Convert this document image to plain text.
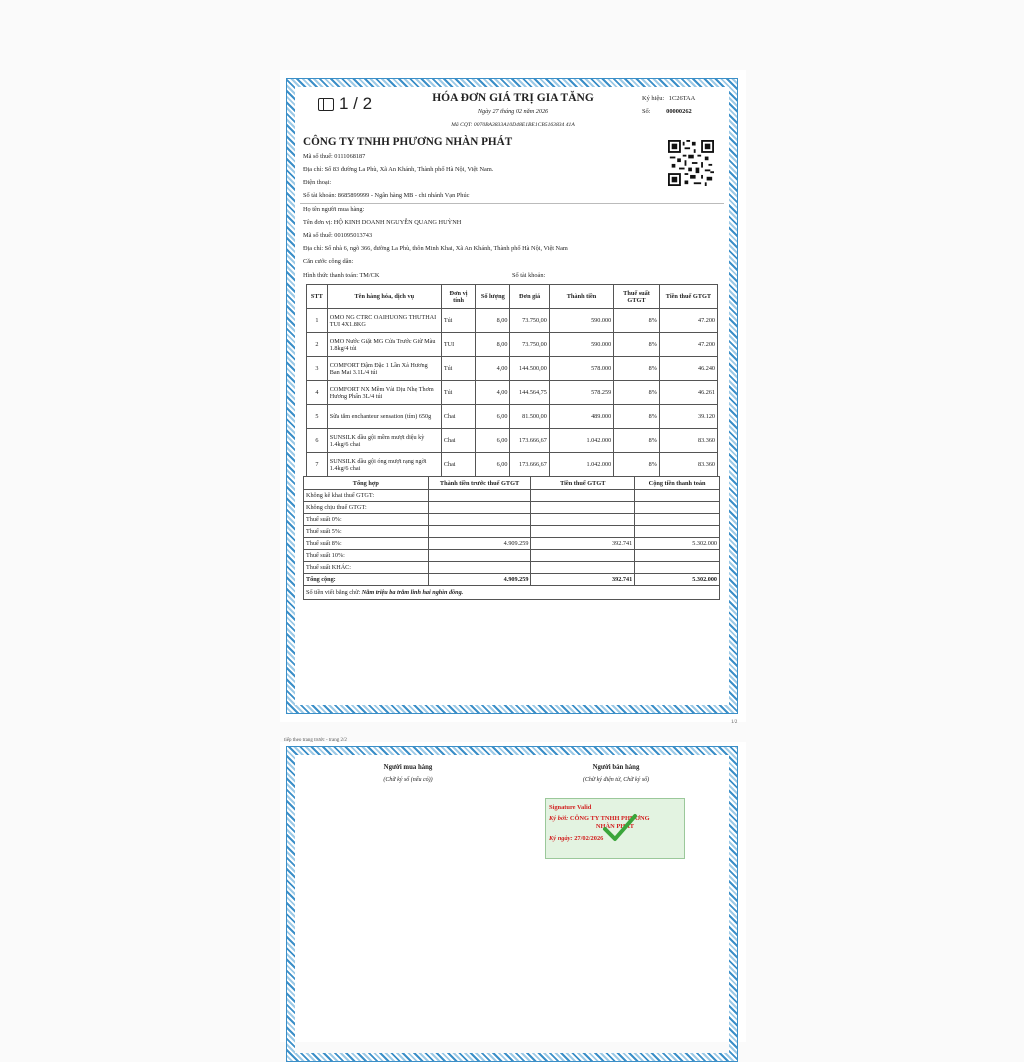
1 / 2	HÓA ĐƠN GIÁ TRỊ GIA TĂNG
Ngày 27 tháng 02 năm 2026
Mã CQT: 0070BA3833A10D48E1BE1CB5163834 41A
Ký hiệu: 1C26TAA
Số: 00000262
CÔNG TY TNHH PHƯƠNG NHÀN PHÁT
Mã số thuế: 0111068187
Địa chỉ: Số 83 đường La Phù, Xã An Khánh, Thành phố Hà Nội, Việt Nam.
Điện thoại:
Số tài khoản: 8685899999 - Ngân hàng MB - chi nhánh Vạn Phúc
Họ tên người mua hàng:
Tên đơn vị: HỘ KINH DOANH NGUYỄN QUANG HUỲNH
Mã số thuế: 001095013743
Địa chỉ: Số nhà 6, ngõ 366, đường La Phù, thôn Minh Khai, Xã An Khánh, Thành phố Hà Nội, Việt Nam
Căn cước công dân:
Hình thức thanh toán: TM/CK	Số tài khoản:
STT	Tên hàng hóa, dịch vụ	Đơn vị tính	Số lượng	Đơn giá	Thành tiền	Thuế suất GTGT	Tiền thuế GTGT
1	OMO NG CTRC OAIHUONG THUTHAI TUI 4X1.8KG	Túi	8,00	73.750,00	590.000	8%	47.200
2	OMO Nước Giặt MG Cửa Trước Giữ Màu 1.8kg/4 túi	TUI	8,00	73.750,00	590.000	8%	47.200
3	COMFORT Đậm Đặc 1 Lần Xả Hương Ban Mai 3.1L/4 túi	Túi	4,00	144.500,00	578.000	8%	46.240
4	COMFORT NX Mềm Vải Dịu Nhẹ Thơm Hương Phấn 3L/4 túi	Túi	4,00	144.564,75	578.259	8%	46.261
5	Sữa tắm enchanteur sensation (tím) 650g	Chai	6,00	81.500,00	489.000	8%	39.120
6	SUNSILK dầu gội mềm mượt diệu kỳ 1.4kg/6 chai	Chai	6,00	173.666,67	1.042.000	8%	83.360
7	SUNSILK dầu gội óng mượt rạng ngời 1.4kg/6 chai	Chai	6,00	173.666,67	1.042.000	8%	83.360
Tổng hợp	Thành tiền trước thuế GTGT	Tiền thuế GTGT	Cộng tiền thanh toán
Không kê khai thuế GTGT:			
Không chịu thuế GTGT:			
Thuế suất 0%:			
Thuế suất 5%:			
Thuế suất 8%:	4.909.259	392.741	5.302.000
Thuế suất 10%:			
Thuế suất KHÁC:			
Tổng cộng:	4.909.259	392.741	5.302.000
Số tiền viết bằng chữ: Năm triệu ba trăm linh hai nghìn đồng.			
1/2
tiếp theo trang trước - trang 2/2
Người mua hàng
(Chữ ký số (nếu có))
Người bán hàng
(Chữ ký điện tử, Chữ ký số)
Signature Valid
Ký bởi: CÔNG TY TNHH PHƯƠNG
NHÀN PHÁT
Ký ngày: 27/02/2026
